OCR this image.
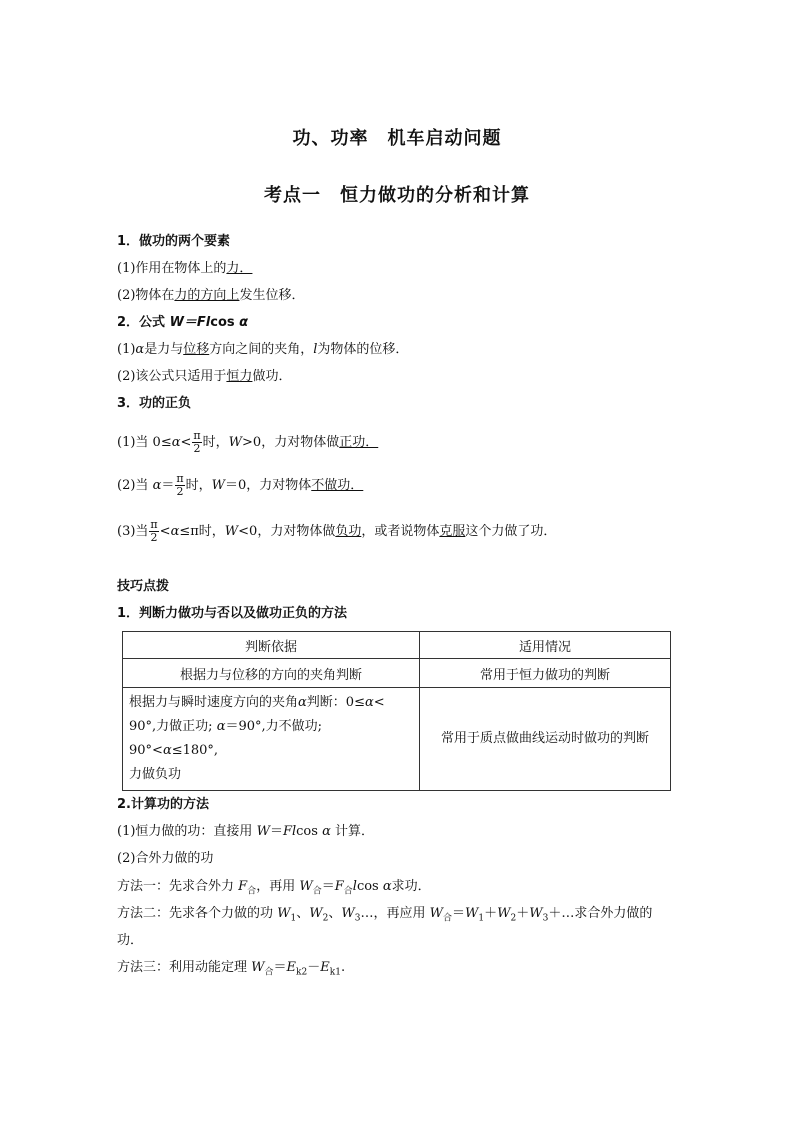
功、功率　机车启动问题
考点一　恒力做功的分析和计算
1．做功的两个要素
(1)作用在物体上的力．
(2)物体在力的方向上发生位移．
2．公式 W＝Flcos α
(1)α是力与位移方向之间的夹角，l为物体的位移．
(2)该公式只适用于恒力做功．
3．功的正负
(1)当 $0\le\alpha< \frac{\pi}{2}$ 时，W>0，力对物体做正功．
(2)当 $\alpha= \frac{\pi}{2}$ 时，W＝0，力对物体不做功．
(3)当 $\frac{\pi}{2} <\alpha\le\pi$时，W<0，力对物体做负功，或者说物体克服这个力做了功．
技巧点拨
1．判断力做功与否以及做功正负的方法
判断依据	适用情况
根据力与位移的方向的夹角判断	常用于恒力做功的判断
根据力与瞬时速度方向的夹角α判断：0≤α<
90°,力做正功; α＝90°,力不做功; 90°<α≤180°,
力做负功	常用于质点做曲线运动时做功的判断
2.计算功的方法
(1)恒力做的功：直接用 W＝Flcos α 计算．
(2)合外力做的功
方法一：先求合外力 $F_合$，再用 $W_合=F_合lcos$ α求功．
方法二：先求各个力做的功 $W_1$、$W_2$、$W_3\dots$，再应用 $W_合=W_1+W_2+W_3+\dots$求合外力做的
功．
方法三：利用动能定理 $W_合=E_{k2}-E_{k1}$.
